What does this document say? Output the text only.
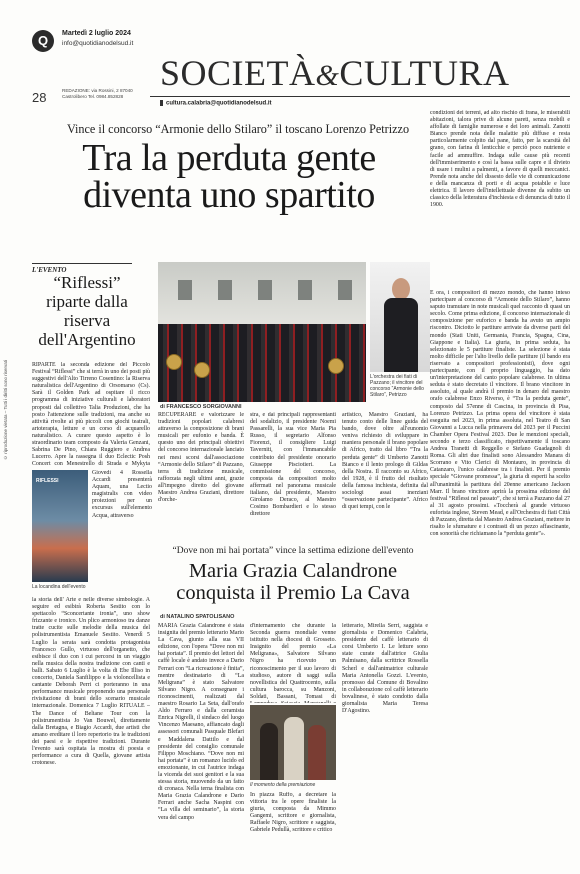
© riproduzione vietata – Tutti i diritti sono riservati
Q	Martedì 2 luglio 2024
info@quotidianodelsud.it
28	REDAZIONE: via Rossini, 2 87040 Castrolibero Tel. 0984.852828
SOCIETÀ&CULTURA
cultura.calabria@quotidianodelsud.it
Vince il concorso “Armonie dello Stilaro” il toscano Lorenzo Petrizzo
Tra la perduta gente diventa uno spartito
condizioni dei terreni, ad alto rischio di frana, le miserabili abitazioni, talora prive di alcune pareti, senza mobili e affollate di famiglie numerose e dei loro animali. Zanotti Bianco prende nota delle malattie più diffuse e resta particolarmente colpito dal pane, fatto, per la scarsità del grano, con farina di lenticchie e perciò poco nutriente e facile ad ammuffire. Indaga sulle cause più recenti dell'immiserimento e così la bassa sulle capre e il divieto di usare i mulini a palmenti, a favore di quelli meccanici. Prende nota anche del dissesto delle vie di comunicazione e della mancanza di porti e di acqua potabile e luce elettrica. Il lavoro dell'intellettuale divenne da subito un classico della letteratura d'inchiesta e di denuncia di tutto il 1900.
L'EVENTO
“Riflessi” riparte dalla riserva dell'Argentino
RIPARTE la seconda edizione del Piccolo Festival “Riflessi” che si terrà in uno dei posti più suggestivi dell'Alto Tirreno Cosentino: la Riserva naturalistica dell'Argentino di Orsomarso (Cs). Sarà il Golden Park ad ospitare il ricco programma di iniziative culturali e laboratori proposti dal collettivo Talia Produzioni, che ha posto l'attenzione sulle tradizioni, ma anche su attività rivolte ai più piccoli con giochi teatrali, artoterapia, letture e un corso di acquarello naturalistico. A curare questo aspetto è lo straordinario team composto da Valeria Genzani, Sabrina De Pino, Chiara Ruggiero e Andrea Lucerro. Apre la rassegna il duo Eclectic Posh Concert con Menestrello di Strada e Mykyta
RIFLESSI
Giovedì 4 Rossella Accardi presenterà Aquam, una Lectio magistralis con video proiezioni per un excursus sull'elemento Acqua, attraverso
La locandina dell'evento
la storia dell' Arte e nelle diverse simbologie. A seguire ed esibirà Roberta Sestito con lo spettacolo “Sconcertante ironia”, uno show frizzante e ironico. Un plico armonioso tra danze tratte cucite sulle melodie della musica del polistrumentista Emanuele Sestito. Venerdì 5 Luglio la serata sarà condotta protagonista Francesco Gullo, virtuoso dell'organetto, che esibisce il duo con i cui percorsi in un viaggio nella musica della nostra tradizione con canti e balli. Sabato 6 Luglio è la volta di Ebe Illiso in concerto, Daniela Sanfilippo e la violoncellista e cantante Deborah Perri ci porteranno in una performance musicale proponendo una personale rivisitazione di brani dello scenario musicale internazionale. Domenica 7 Luglio RITUALE – The Dance of Beltane Tour con la polistrumentista Jo Van Bouwel, direttamente dalla Bretagna, e Biagio Accardi, due artisti che amano ereditare il loro repertorio tra le tradizioni dei paesi e le rispettive tradizioni. Durante l'evento sarà ospitata la mostra di poesia e performance a cura di Quella, giovane artista crotonese.
di FRANCESCO SORGIOVANNI
L'orchestra dei fiati di Pazzano; il vincitore del concorso “Armonie dello Stilaro”, Petrizzo
RECUPERARE e valorizzare le tradizioni popolari calabresi attraverso la composizione di brani musicali per eufonio e banda. È questo uno dei principali obiettivi del concorso internazionale lanciato nei mesi scorsi dall'associazione “Armonie dello Stilaro” di Pazzano, terra di tradizione musicale, rafforzata negli ultimi anni, grazie all'impegno diretto del giovane Maestro Andrea Graziani, direttore d'orche-
stra, e dai principali rappresentanti del sodalizio, il presidente Noemi Passarelli, la sua vice Maria Pia Russo, il segretario Alfonso Fiorenzi, il consigliere Luigi Taverniti, con l'immancabile contributo del presidente onorario Giuseppe Pisciotieri. La commissione del concorso, composta da compositori molto affermati nel panorama musicale italiano, dal presidente, Maestro Girolamo Deraco, al Maestro Cosimo Bombardieri e lo stesso direttore
artistico, Maestro Graziani, ha tenuto conto delle linee guida del bando, dove oltre all'eunomio veniva richiesto di sviluppare in maniera personale il brano popolare di Africo, tratto dal libro “Tra la perduta gente” di Umberto Zanotti Bianco e il lento prologo di Gildas della Nostra. Il racconto su Africo, del 1928, è il frutto del risultato della famosa inchiesta, definita dal sociologi assai inerziani “osservazione partecipante”. Africo di quei tempi, con le
E ora, i compositori di mezzo mondo, che hanno inteso partecipare al concorso di “Armonie dello Stilaro”, hanno saputo tramutare in note musicali quel racconto di quasi un secolo. Come prima edizione, il concorso internazionale di composizione per euforico e banda ha avuto un ampio riscontro. Diciotto le partiture arrivate da diverse parti del mondo (Stati Uniti, Germania, Francia, Spagna, Cina, Giappone e Italia). La giuria, in prima seduta, ha selezionato le 5 partiture finaliste. La selezione è stata molto difficile per l'alto livello delle partiture (il bando era riservato a compositori professionisti), dove ogni partecipante, con il proprio linguaggio, ha dato un'interpretazione del canto popolare calabrese. In ultima seduta è stato decretato il vincitore. Il brano vincitore in assoluto, al quale andrà il premio in denaro del maestro orafo calabrese Enzo Riverso, è “Tra la perduta gente”, composto dal 57enne di Cascina, in provincia di Pisa, Lorenzo Petrizzo. La prima opera del vincitore è stata eseguita nel 2023, in prima assoluta, nel Teatro di San Giovanni a Lucca nella primavera del 2023 per il Puccini Chamber Opera Festival 2023. Due le menzioni speciali, secondo e terzo classificato, rispettivamente il toscano Andrea Tranetti di Reggello e Stefano Guadagnoli di Roma. Gli altri due finalisti sono Alessandro Manara di Scorrano e Vito Clerici di Montauro, in provincia di Catanzaro, l'unico calabrese tra i finalisti. Per il premio speciale “Giovane promessa”, la giuria di esperti ha scelto all'unanimità la partitura del 20enne americano Jackson Marr. Il brano vincitore aprirà la prossima edizione del festival “Riflessi nel passato”, che si terrà a Pazzano dal 27 al 31 agosto prossimi. «Toccherà al grande virtuoso euforista inglese, Steven Mead, e all'Orchestra di fiati Città di Pazzano, diretta dal Maestro Andrea Graziani, mettere in risalto le sfumature e i contrasti di un pezzo affascinante, con sonorità che richiamano la “perduta gente”».
“Dove non mi hai portata” vince la settima edizione dell'evento
Maria Grazia Calandrone conquista il Premio La Cava
di NATALINO SPATOLISANO
MARIA Grazia Calandrone è stata insignita del premio letterario Mario La Cava, giunto alla sua VII edizione, con l'opera “Dove non mi hai portata”. Il premio dei lettori del caffè locale è andato invece a Dario Ferrari con “La ricreazione è finita”, mentre destinatario di “La Meligrana” è stato Salvatore Silvano Nigro. A consegnare i riconoscimenti, realizzati dal maestro Rosario La Seta, dall'orafo Aldo Ferraro e dalla ceramista Enrica Nigrelli, il sindaco del luogo Vincenzo Maesano, affiancato dagli assessori comunali Pasquale Blefari e Maddalena Dattilo e dal presidente del consiglio comunale Filippo Moschiano. “Dove non mi hai portata” è un romanzo lucido ed emozionante, in cui l'autrice indaga la vicenda dei suoi genitori e la sua stessa storia, muovendo da un fatto di cronaca. Nella terna finalista con Maria Grazia Calandrone e Dario Ferrari anche Sacha Naspini con “La villa del seminario”, la storia vera del campo
d'internamento che durante la Seconda guerra mondiale venne istituito nella diocesi di Grosseto. Insignito del premio «La Meligrana», Salvatore Silvano Nigro ha ricevuto un riconoscimento per il suo lavoro di studioso, autore di saggi sulla novellistica del Quattrocento, sulla cultura barocca, su Manzoni, Soldati, Bassani, Tomasi di
Il momento della premiazione
In piazza Ruffo, a decretare la vittoria tra le opere finaliste la giuria, composta da Mimmo Gangemi, scrittore e giornalista, Raffaele Nigro, scrittore e saggista, Gabriele Pedullà, scrittore e critico
letterario, Mirella Serri, saggista e giornalista e Domenico Calabria, presidente del caffè letterario di corsi Umberto I. Le letture sono state curate dall'attrice Giulia Palmisano, dalla scrittrice Rossella Scherl e dall'animatrice culturale Maria Antonella Gozzi. L'evento, promosso dal Comune di Bovalino in collaborazione col caffè letterario bovalinese, è stato condotto dalla giornalista Maria Teresa D'Agostino.
